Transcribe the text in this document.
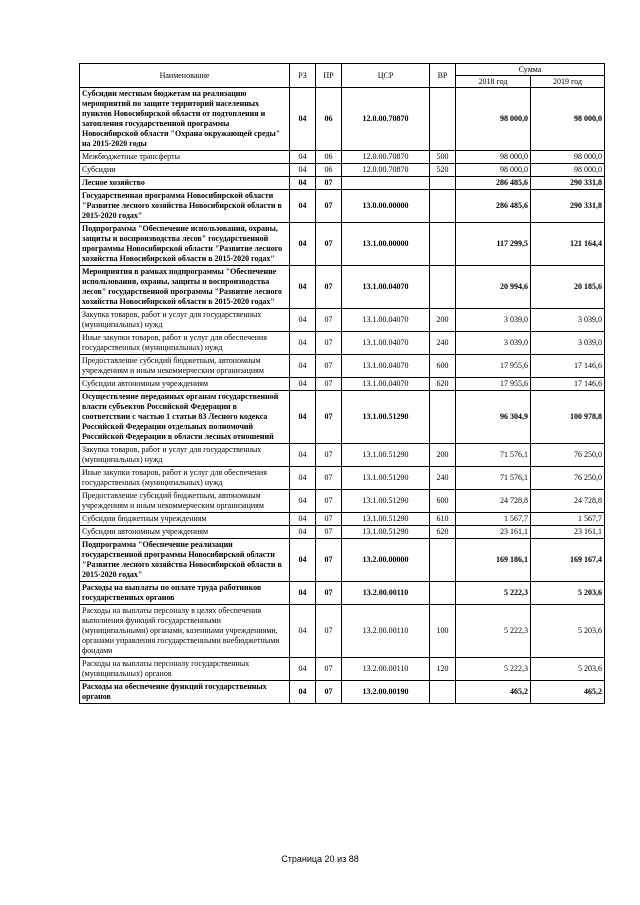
Наименование	РЗ	ПР	ЦСР	ВР	Сумма	
					2018 год	2019 год
Субсидии местным бюджетам на реализацию мероприятий по защите территорий населенных пунктов Новосибирской области от подтопления и затопления государственной программы Новосибирской области "Охрана окружающей среды" на 2015-2020 годы	04	06	12.0.00.70870		98 000,0	98 000,0
Межбюджетные трансферты	04	06	12.0.00.70870	500	98 000,0	98 000,0
Субсидии	04	06	12.0.00.70870	520	98 000,0	98 000,0
Лесное хозяйство	04	07			286 485,6	290 331,8
Государственная программа Новосибирской области "Развитие лесного хозяйства Новосибирской области в 2015-2020 годах"	04	07	13.0.00.00000		286 485,6	290 331,8
Подпрограмма "Обеспечение использования, охраны, защиты и воспроизводства лесов" государственной программы Новосибирской области "Развитие лесного хозяйства Новосибирской области в 2015-2020 годах"	04	07	13.1.00.00000		117 299,5	121 164,4
Мероприятия в рамках подпрограммы "Обеспечение использования, охраны, защиты и воспроизводства лесов" государственной программы "Развитие лесного хозяйства Новосибирской области в 2015-2020 годах"	04	07	13.1.00.04070		20 994,6	20 185,6
Закупка товаров, работ и услуг для государственных (муниципальных) нужд	04	07	13.1.00.04070	200	3 039,0	3 039,0
Иные закупки товаров, работ и услуг для обеспечения государственных (муниципальных) нужд	04	07	13.1.00.04070	240	3 039,0	3 039,0
Предоставление субсидий бюджетным, автономным учреждениям и иным некоммерческим организациям	04	07	13.1.00.04070	600	17 955,6	17 146,6
Субсидии автономным учреждениям	04	07	13.1.00.04070	620	17 955,6	17 146,6
Осуществление переданных органам государственной власти субъектов Российской Федерации в соответствии с частью 1 статьи 83 Лесного кодекса Российской Федерации отдельных полномочий Российской Федерации в области лесных отношений	04	07	13.1.00.51290		96 304,9	100 978,8
Закупка товаров, работ и услуг для государственных (муниципальных) нужд	04	07	13.1.00.51290	200	71 576,1	76 250,0
Иные закупки товаров, работ и услуг для обеспечения государственных (муниципальных) нужд	04	07	13.1.00.51290	240	71 576,1	76 250,0
Предоставление субсидий бюджетным, автономным учреждениям и иным некоммерческим организациям	04	07	13.1.00.51290	600	24 728,8	24 728,8
Субсидии бюджетным учреждениям	04	07	13.1.00.51290	610	1 567,7	1 567,7
Субсидии автономным учреждениям	04	07	13.1.00.51290	620	23 161,1	23 161,1
Подпрограмма "Обеспечение реализации государственной программы Новосибирской области "Развитие лесного хозяйства Новосибирской области в 2015-2020 годах"	04	07	13.2.00.00000		169 186,1	169 167,4
Расходы на выплаты по оплате труда работников государственных органов	04	07	13.2.00.00110		5 222,3	5 203,6
Расходы на выплаты персоналу в целях обеспечения выполнения функций государственными (муниципальными) органами, казенными учреждениями, органами управления государственными внебюджетными фондами	04	07	13.2.00.00110	100	5 222,3	5 203,6
Расходы на выплаты персоналу государственных (муниципальных) органов	04	07	13.2.00.00110	120	5 222,3	5 203,6
Расходы на обеспечение функций государственных органов	04	07	13.2.00.00190		465,2	465,2
Страница 20 из 88
